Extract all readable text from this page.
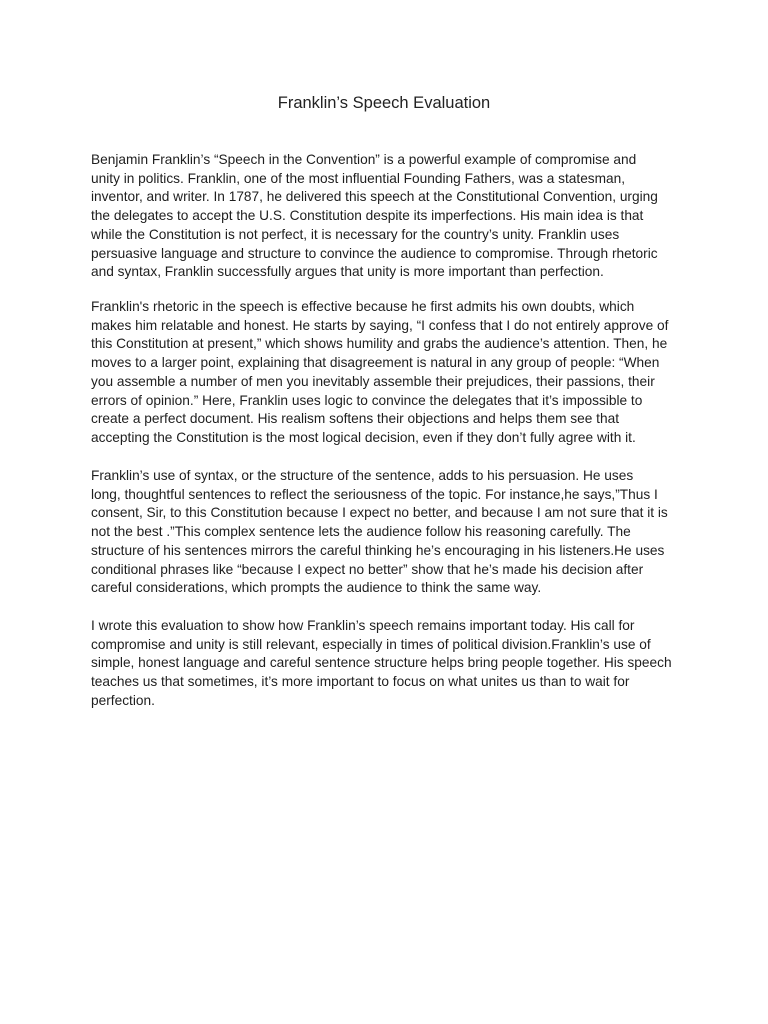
Franklin’s Speech Evaluation

Benjamin Franklin’s “Speech in the Convention” is a powerful example of compromise and
unity in politics. Franklin, one of the most influential Founding Fathers, was a statesman,
inventor, and writer. In 1787, he delivered this speech at the Constitutional Convention, urging
the delegates to accept the U.S. Constitution despite its imperfections. His main idea is that
while the Constitution is not perfect, it is necessary for the country’s unity. Franklin uses
persuasive language and structure to convince the audience to compromise. Through rhetoric
and syntax, Franklin successfully argues that unity is more important than perfection.

Franklin's rhetoric in the speech is effective because he first admits his own doubts, which
makes him relatable and honest. He starts by saying, “I confess that I do not entirely approve of
this Constitution at present,” which shows humility and grabs the audience’s attention. Then, he
moves to a larger point, explaining that disagreement is natural in any group of people: “When
you assemble a number of men you inevitably assemble their prejudices, their passions, their
errors of opinion.” Here, Franklin uses logic to convince the delegates that it’s impossible to
create a perfect document. His realism softens their objections and helps them see that
accepting the Constitution is the most logical decision, even if they don’t fully agree with it.

Franklin’s use of syntax, or the structure of the sentence, adds to his persuasion. He uses
long, thoughtful sentences to reflect the seriousness of the topic. For instance,he says,”Thus I
consent, Sir, to this Constitution because I expect no better, and because I am not sure that it is
not the best .”This complex sentence lets the audience follow his reasoning carefully. The
structure of his sentences mirrors the careful thinking he’s encouraging in his listeners.He uses
conditional phrases like “because I expect no better” show that he’s made his decision after
careful considerations, which prompts the audience to think the same way.

I wrote this evaluation to show how Franklin’s speech remains important today. His call for
compromise and unity is still relevant, especially in times of political division.Franklin’s use of
simple, honest language and careful sentence structure helps bring people together. His speech
teaches us that sometimes, it’s more important to focus on what unites us than to wait for
perfection.
